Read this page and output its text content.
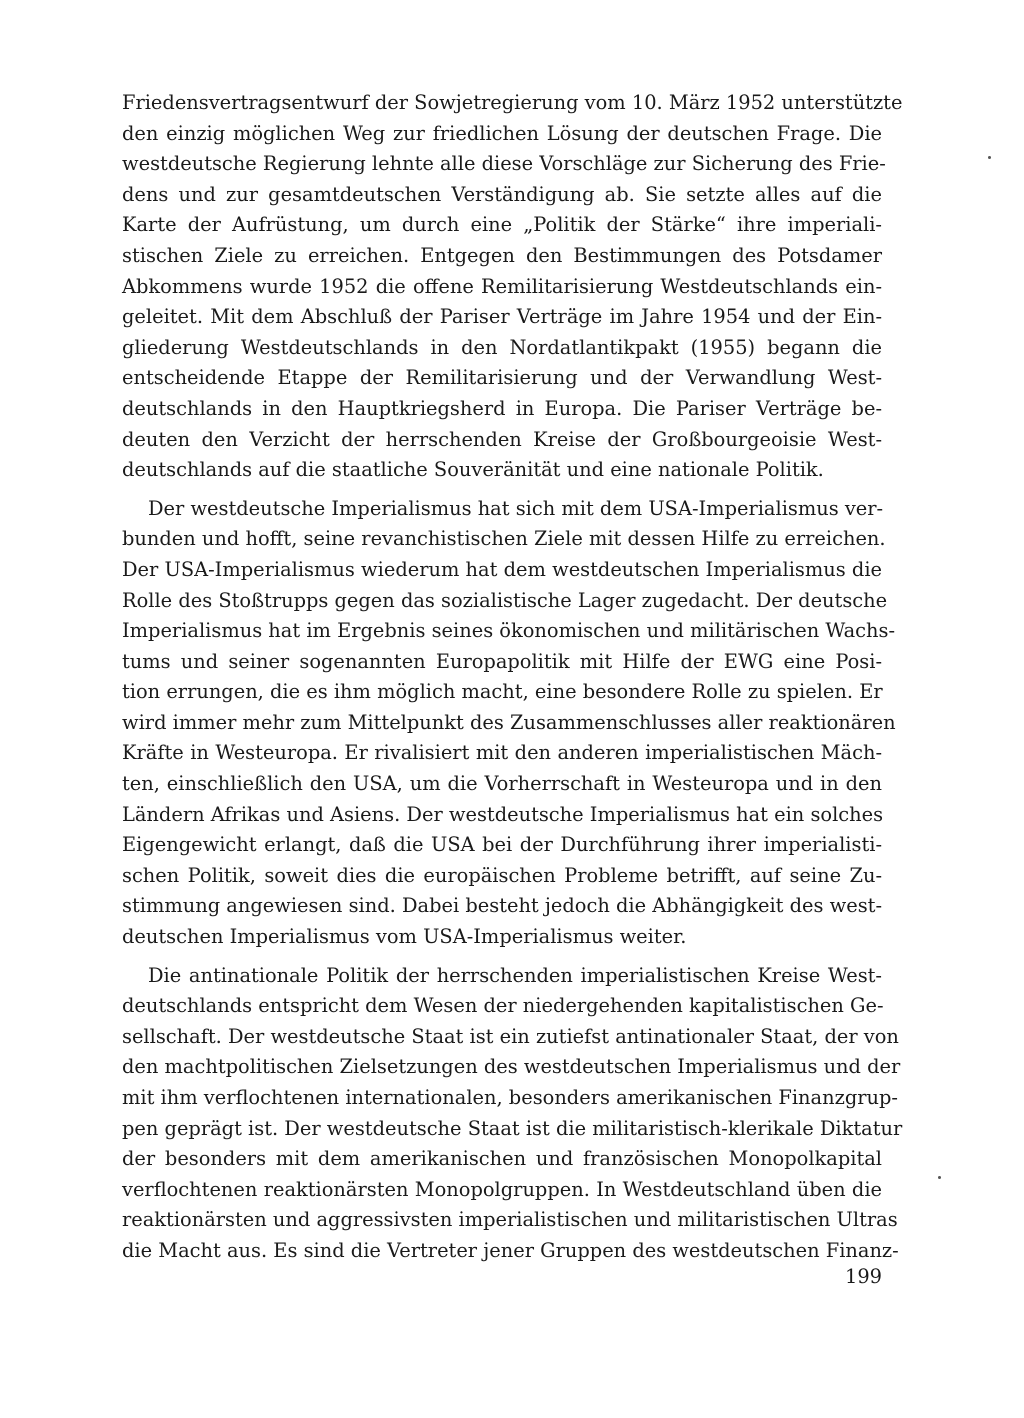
Friedensvertragsentwurf der Sowjetregierung vom 10. März 1952 unterstützte
den einzig möglichen Weg zur friedlichen Lösung der deutschen Frage. Die
westdeutsche Regierung lehnte alle diese Vorschläge zur Sicherung des Frie-
dens und zur gesamtdeutschen Verständigung ab. Sie setzte alles auf die
Karte der Aufrüstung, um durch eine „Politik der Stärke“ ihre imperiali-
stischen Ziele zu erreichen. Entgegen den Bestimmungen des Potsdamer
Abkommens wurde 1952 die offene Remilitarisierung Westdeutschlands ein-
geleitet. Mit dem Abschluß der Pariser Verträge im Jahre 1954 und der Ein-
gliederung Westdeutschlands in den Nordatlantikpakt (1955) begann die
entscheidende Etappe der Remilitarisierung und der Verwandlung West-
deutschlands in den Hauptkriegsherd in Europa. Die Pariser Verträge be-
deuten den Verzicht der herrschenden Kreise der Großbourgeoisie West-
deutschlands auf die staatliche Souveränität und eine nationale Politik.
Der westdeutsche Imperialismus hat sich mit dem USA-Imperialismus ver-
bunden und hofft, seine revanchistischen Ziele mit dessen Hilfe zu erreichen.
Der USA-Imperialismus wiederum hat dem westdeutschen Imperialismus die
Rolle des Stoßtrupps gegen das sozialistische Lager zugedacht. Der deutsche
Imperialismus hat im Ergebnis seines ökonomischen und militärischen Wachs-
tums und seiner sogenannten Europapolitik mit Hilfe der EWG eine Posi-
tion errungen, die es ihm möglich macht, eine besondere Rolle zu spielen. Er
wird immer mehr zum Mittelpunkt des Zusammenschlusses aller reaktionären
Kräfte in Westeuropa. Er rivalisiert mit den anderen imperialistischen Mäch-
ten, einschließlich den USA, um die Vorherrschaft in Westeuropa und in den
Ländern Afrikas und Asiens. Der westdeutsche Imperialismus hat ein solches
Eigengewicht erlangt, daß die USA bei der Durchführung ihrer imperialisti-
schen Politik, soweit dies die europäischen Probleme betrifft, auf seine Zu-
stimmung angewiesen sind. Dabei besteht jedoch die Abhängigkeit des west-
deutschen Imperialismus vom USA-Imperialismus weiter.
Die antinationale Politik der herrschenden imperialistischen Kreise West-
deutschlands entspricht dem Wesen der niedergehenden kapitalistischen Ge-
sellschaft. Der westdeutsche Staat ist ein zutiefst antinationaler Staat, der von
den machtpolitischen Zielsetzungen des westdeutschen Imperialismus und der
mit ihm verflochtenen internationalen, besonders amerikanischen Finanzgrup-
pen geprägt ist. Der westdeutsche Staat ist die militaristisch-klerikale Diktatur
der besonders mit dem amerikanischen und französischen Monopolkapital
verflochtenen reaktionärsten Monopolgruppen. In Westdeutschland üben die
reaktionärsten und aggressivsten imperialistischen und militaristischen Ultras
die Macht aus. Es sind die Vertreter jener Gruppen des westdeutschen Finanz-
199
